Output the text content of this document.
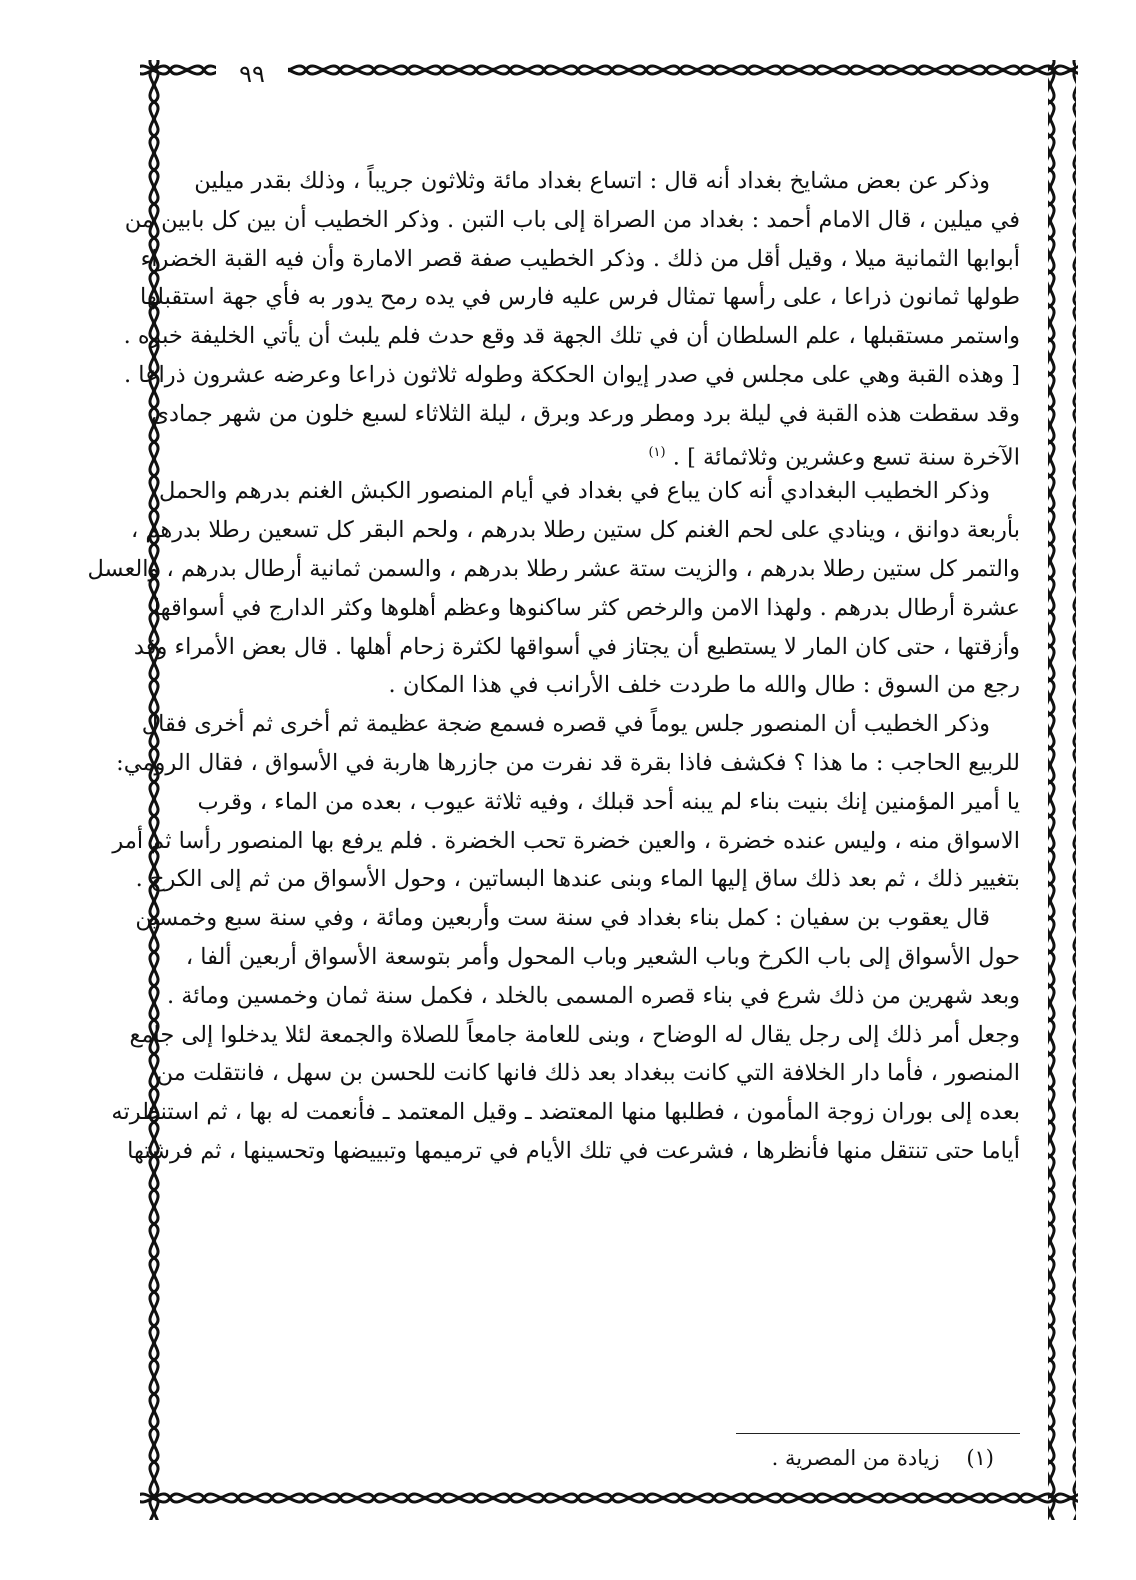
٩٩
وذكر عن بعض مشايخ بغداد أنه قال : اتساع بغداد مائة وثلاثون جريباً ، وذلك بقدر ميلين
في ميلين ، قال الامام أحمد : بغداد من الصراة إلى باب التبن . وذكر الخطيب أن بين كل بابين من
أبوابها الثمانية ميلا ، وقيل أقل من ذلك . وذكر الخطيب صفة قصر الامارة وأن فيه القبة الخضراء
طولها ثمانون ذراعا ، على رأسها تمثال فرس عليه فارس في يده رمح يدور به فأي جهة استقبلها
واستمر مستقبلها ، علم السلطان أن في تلك الجهة قد وقع حدث فلم يلبث أن يأتي الخليفة خبره .
[ وهذه القبة وهي على مجلس في صدر إيوان الحككة وطوله ثلاثون ذراعا وعرضه عشرون ذراعا .
وقد سقطت هذه القبة في ليلة برد ومطر ورعد وبرق ، ليلة الثلاثاء لسبع خلون من شهر جمادى
الآخرة سنة تسع وعشرين وثلاثمائة ] . $^{(١)}$
وذكر الخطيب البغدادي أنه كان يباع في بغداد في أيام المنصور الكبش الغنم بدرهم والحمل
بأربعة دوانق ، وينادي على لحم الغنم كل ستين رطلا بدرهم ، ولحم البقر كل تسعين رطلا بدرهم ،
والتمر كل ستين رطلا بدرهم ، والزيت ستة عشر رطلا بدرهم ، والسمن ثمانية أرطال بدرهم ، والعسل
عشرة أرطال بدرهم . ولهذا الامن والرخص كثر ساكنوها وعظم أهلوها وكثر الدارج في أسواقها
وأزقتها ، حتى كان المار لا يستطيع أن يجتاز في أسواقها لكثرة زحام أهلها . قال بعض الأمراء وقد
رجع من السوق : طال والله ما طردت خلف الأرانب في هذا المكان .
وذكر الخطيب أن المنصور جلس يوماً في قصره فسمع ضجة عظيمة ثم أخرى ثم أخرى فقال
للربيع الحاجب : ما هذا ؟ فكشف فاذا بقرة قد نفرت من جازرها هاربة في الأسواق ، فقال الرومي:
يا أمير المؤمنين إنك بنيت بناء لم يبنه أحد قبلك ، وفيه ثلاثة عيوب ، بعده من الماء ، وقرب
الاسواق منه ، وليس عنده خضرة ، والعين خضرة تحب الخضرة . فلم يرفع بها المنصور رأسا ثم أمر
بتغيير ذلك ، ثم بعد ذلك ساق إليها الماء وبنى عندها البساتين ، وحول الأسواق من ثم إلى الكرخ .
قال يعقوب بن سفيان : كمل بناء بغداد في سنة ست وأربعين ومائة ، وفي سنة سبع وخمسين
حول الأسواق إلى باب الكرخ وباب الشعير وباب المحول وأمر بتوسعة الأسواق أربعين ألفا ،
وبعد شهرين من ذلك شرع في بناء قصره المسمى بالخلد ، فكمل سنة ثمان وخمسين ومائة .
وجعل أمر ذلك إلى رجل يقال له الوضاح ، وبنى للعامة جامعاً للصلاة والجمعة لئلا يدخلوا إلى جامع
المنصور ، فأما دار الخلافة التي كانت ببغداد بعد ذلك فانها كانت للحسن بن سهل ، فانتقلت من
بعده إلى بوران زوجة المأمون ، فطلبها منها المعتضد ـ وقيل المعتمد ـ فأنعمت له بها ، ثم استنظرته
أياما حتى تنتقل منها فأنظرها ، فشرعت في تلك الأيام في ترميمها وتبييضها وتحسينها ، ثم فرشتها
(١)    زيادة من المصرية .
